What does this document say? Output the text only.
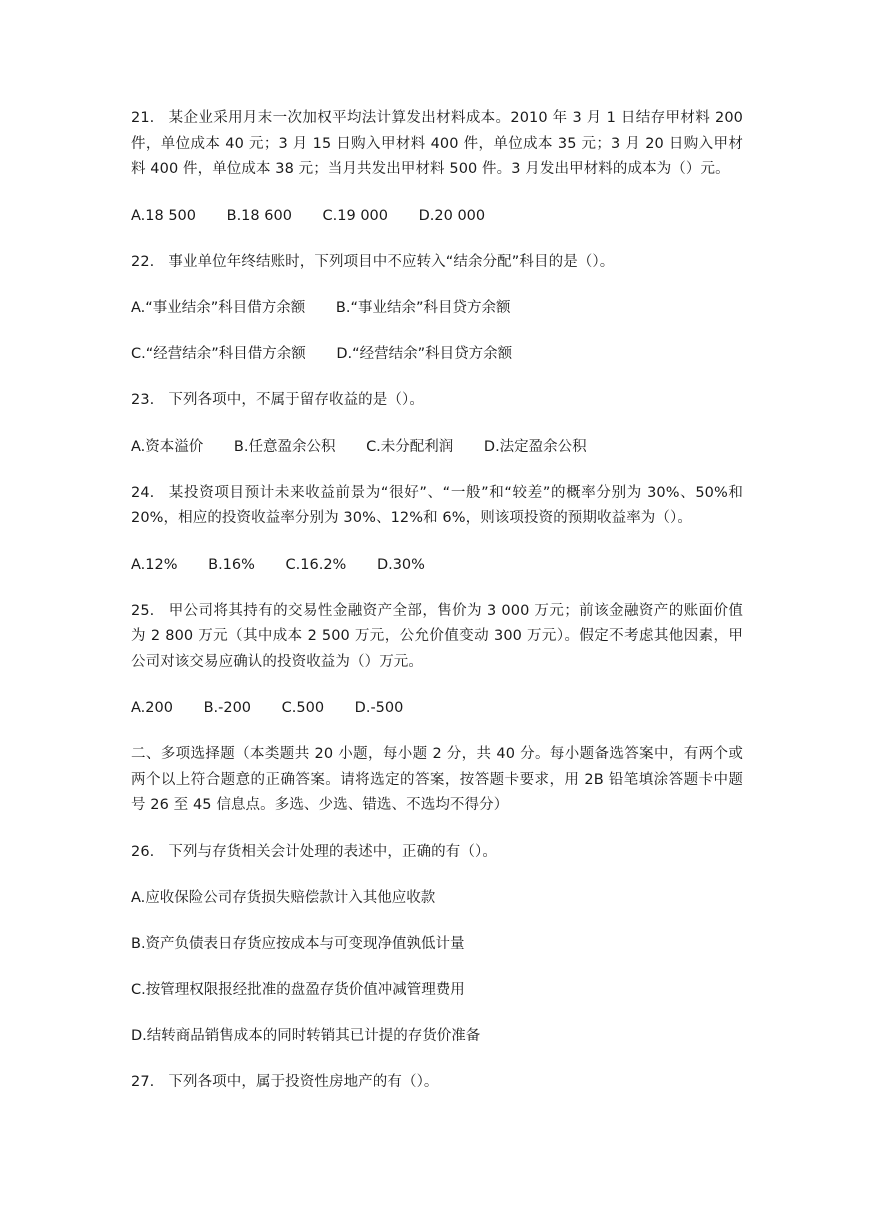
21. 某企业采用月末一次加权平均法计算发出材料成本。2010 年 3 月 1 日结存甲材料 200 件，单位成本 40 元；3 月 15 日购入甲材料 400 件，单位成本 35 元；3 月 20 日购入甲材料 400 件，单位成本 38 元；当月共发出甲材料 500 件。3 月发出甲材料的成本为（）元。
A.18 500 B.18 600 C.19 000 D.20 000
22. 事业单位年终结账时，下列项目中不应转入“结余分配”科目的是（）。
A.“事业结余”科目借方余额 B.“事业结余”科目贷方余额
C.“经营结余”科目借方余额 D.“经营结余”科目贷方余额
23. 下列各项中，不属于留存收益的是（）。
A.资本溢价 B.任意盈余公积 C.未分配利润 D.法定盈余公积
24. 某投资项目预计未来收益前景为“很好”、“一般”和“较差”的概率分别为 30%、50%和 20%，相应的投资收益率分别为 30%、12%和 6%，则该项投资的预期收益率为（）。
A.12% B.16% C.16.2% D.30%
25. 甲公司将其持有的交易性金融资产全部，售价为 3 000 万元；前该金融资产的账面价值为 2 800 万元（其中成本 2 500 万元，公允价值变动 300 万元）。假定不考虑其他因素，甲公司对该交易应确认的投资收益为（）万元。
A.200 B.-200 C.500 D.-500
二、多项选择题（本类题共 20 小题，每小题 2 分，共 40 分。每小题备选答案中，有两个或两个以上符合题意的正确答案。请将选定的答案，按答题卡要求，用 2B 铅笔填涂答题卡中题号 26 至 45 信息点。多选、少选、错选、不选均不得分）
26. 下列与存货相关会计处理的表述中，正确的有（）。
A.应收保险公司存货损失赔偿款计入其他应收款
B.资产负债表日存货应按成本与可变现净值孰低计量
C.按管理权限报经批准的盘盈存货价值冲减管理费用
D.结转商品销售成本的同时转销其已计提的存货价准备
27. 下列各项中，属于投资性房地产的有（）。
